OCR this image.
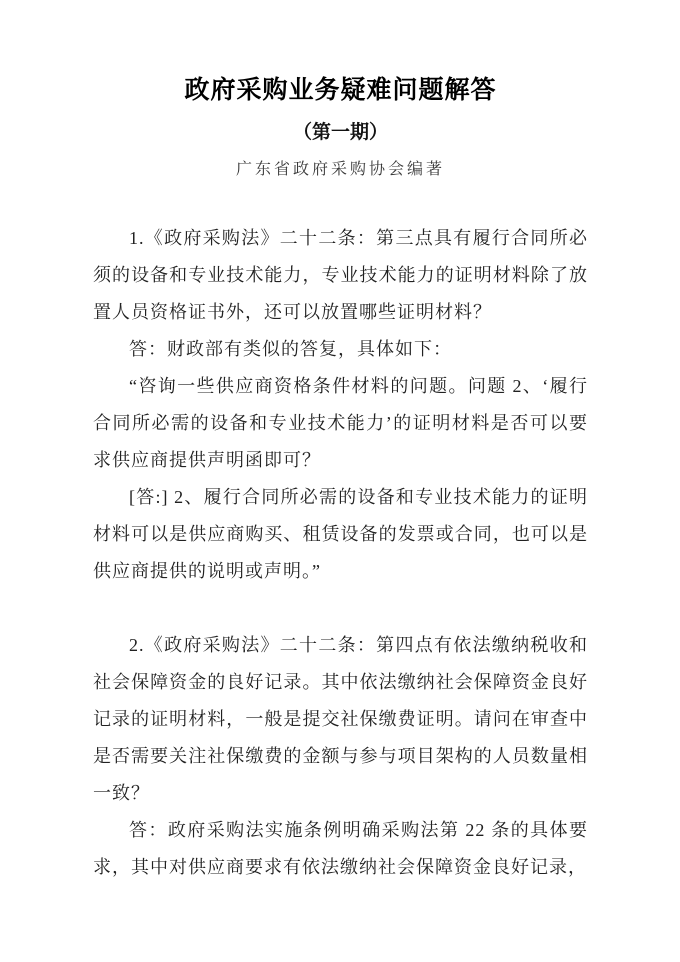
政府采购业务疑难问题解答
（第一期）
广东省政府采购协会编著

1.《政府采购法》二十二条：第三点具有履行合同所必须的设备和专业技术能力，专业技术能力的证明材料除了放置人员资格证书外，还可以放置哪些证明材料？

答：财政部有类似的答复，具体如下：

“咨询一些供应商资格条件材料的问题。问题 2、‘履行合同所必需的设备和专业技术能力’的证明材料是否可以要求供应商提供声明函即可？

[答:] 2、履行合同所必需的设备和专业技术能力的证明材料可以是供应商购买、租赁设备的发票或合同，也可以是供应商提供的说明或声明。”

2.《政府采购法》二十二条：第四点有依法缴纳税收和社会保障资金的良好记录。其中依法缴纳社会保障资金良好记录的证明材料，一般是提交社保缴费证明。请问在审查中是否需要关注社保缴费的金额与参与项目架构的人员数量相一致？

答：政府采购法实施条例明确采购法第 22 条的具体要求，其中对供应商要求有依法缴纳社会保障资金良好记录，
